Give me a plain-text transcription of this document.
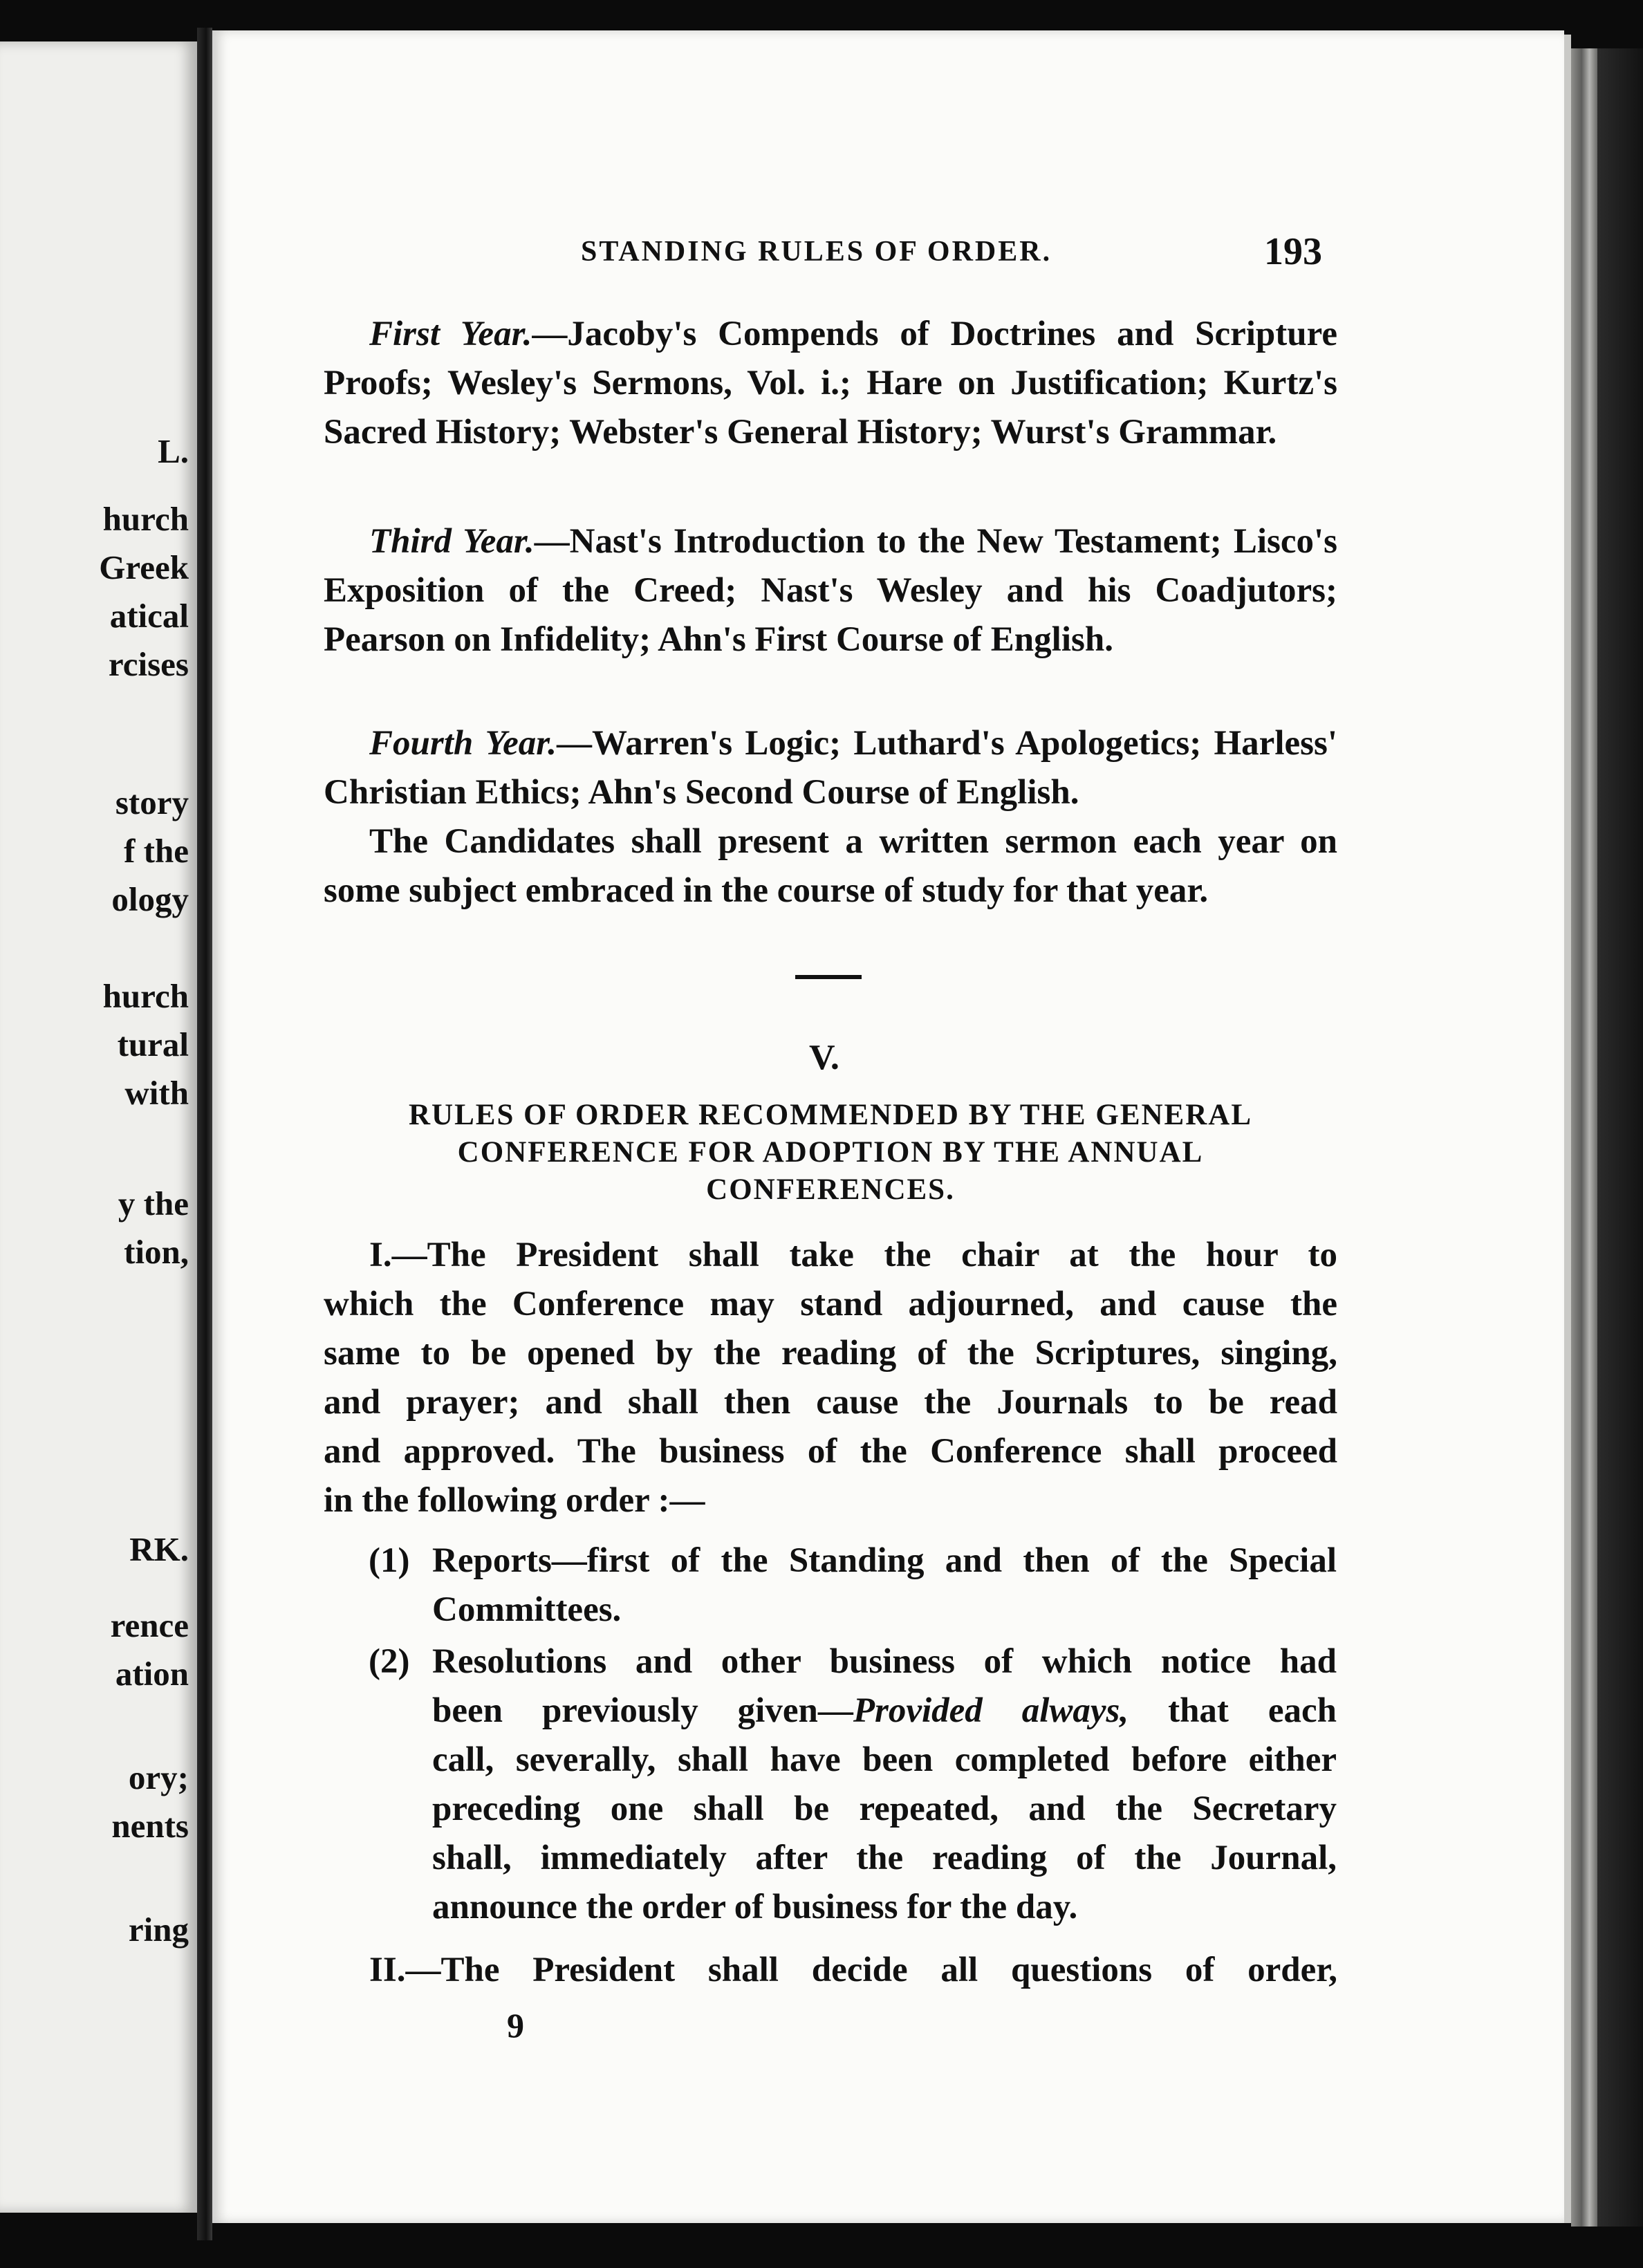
L.
hurch
Greek
atical
rcises
story
f the
ology
hurch
tural
with
y the
tion,
RK.
rence
ation
ory;
nents
ring
STANDING RULES OF ORDER.	193

First Year.—Jacoby's Compends of Doctrines and Scripture Proofs; Wesley's Sermons, Vol. i.; Hare on Justification; Kurtz's Sacred History; Webster's General History; Wurst's Grammar.

Third Year.—Nast's Introduction to the New Testament; Lisco's Exposition of the Creed; Nast's Wesley and his Coadjutors; Pearson on Infidelity; Ahn's First Course of English.

Fourth Year.—Warren's Logic; Luthard's Apologetics; Harless' Christian Ethics; Ahn's Second Course of English.

The Candidates shall present a written sermon each year on some subject embraced in the course of study for that year.

V.
RULES OF ORDER RECOMMENDED BY THE GENERAL
CONFERENCE FOR ADOPTION BY THE ANNUAL
CONFERENCES.
I.—The President shall take the chair at the hour to
which the Conference may stand adjourned, and cause the
same to be opened by the reading of the Scriptures, singing,
and prayer; and shall then cause the Journals to be read
and approved. The business of the Conference shall proceed
in the following order :—
(1) Reports—first of the Standing and then of the Special
Committees.
(2) Resolutions and other business of which notice had
been previously given—Provided always, that each
call, severally, shall have been completed before either
preceding one shall be repeated, and the Secretary
shall, immediately after the reading of the Journal,
announce the order of business for the day.
II.—The President shall decide all questions of order,
9
